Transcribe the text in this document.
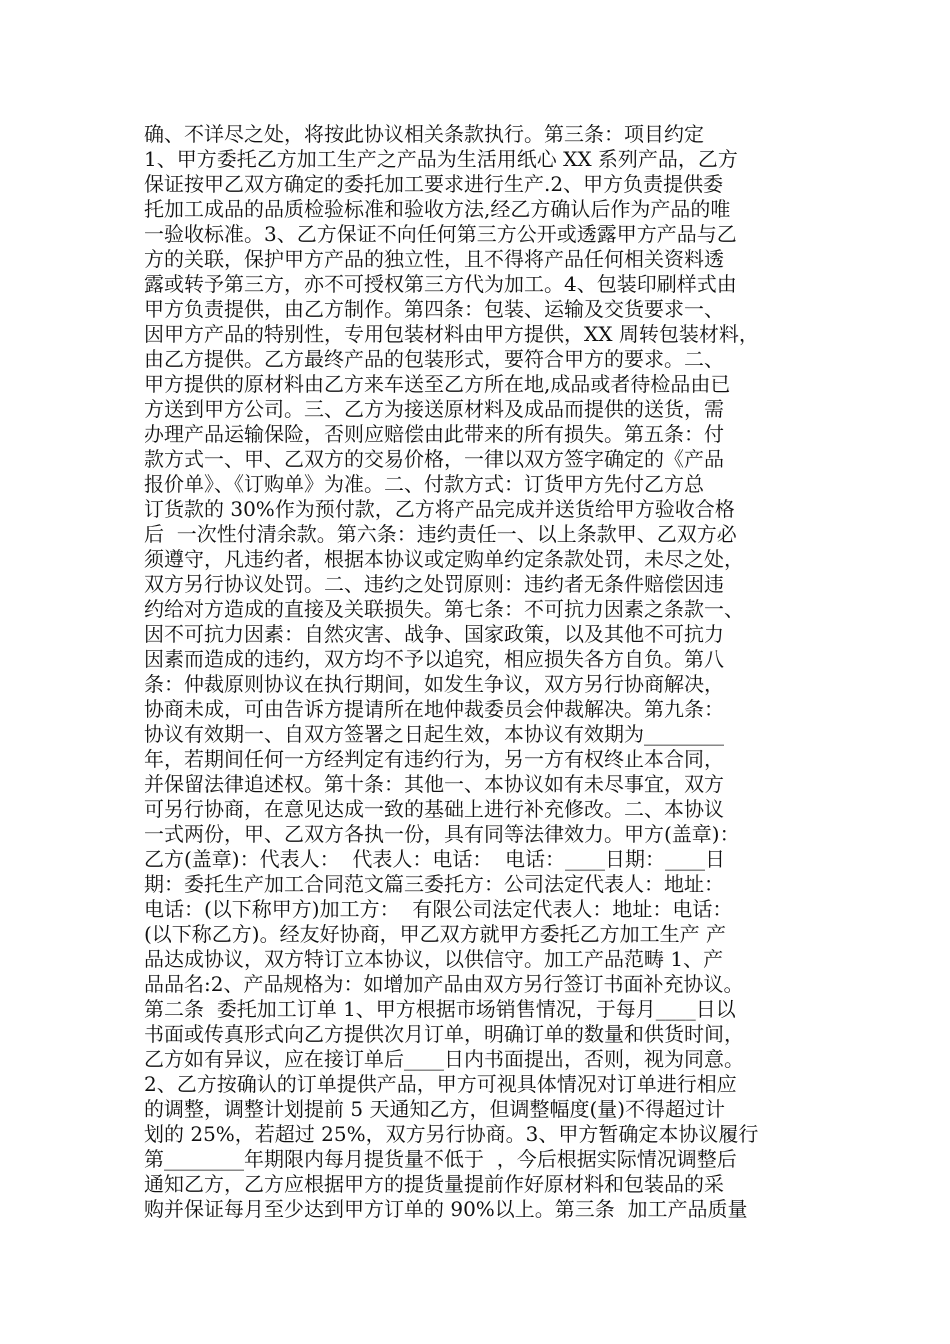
确、不详尽之处，将按此协议相关条款执行。第三条：项目约定
1、甲方委托乙方加工生产之产品为生活用纸心 XX 系列产品，乙方
保证按甲乙双方确定的委托加工要求进行生产.2、甲方负责提供委
托加工成品的品质检验标准和验收方法,经乙方确认后作为产品的唯
一验收标准。3、乙方保证不向任何第三方公开或透露甲方产品与乙
方的关联，保护甲方产品的独立性，且不得将产品任何相关资料透
露或转予第三方，亦不可授权第三方代为加工。4、包装印刷样式由
甲方负责提供，由乙方制作。第四条：包装、运输及交货要求一、
因甲方产品的特别性，专用包装材料由甲方提供，XX 周转包装材料，
由乙方提供。乙方最终产品的包装形式，要符合甲方的要求。二、
甲方提供的原材料由乙方来车送至乙方所在地,成品或者待检品由已
方送到甲方公司。三、乙方为接送原材料及成品而提供的送货，需
办理产品运输保险，否则应赔偿由此带来的所有损失。第五条：付
款方式一、甲、乙双方的交易价格，一律以双方签字确定的《产品
报价单》、《订购单》为准。二、付款方式：订货甲方先付乙方总
订货款的 30%作为预付款，乙方将产品完成并送货给甲方验收合格
后  一次性付清余款。第六条：违约责任一、以上条款甲、乙双方必
须遵守，凡违约者，根据本协议或定购单约定条款处罚，未尽之处，
双方另行协议处罚。二、违约之处罚原则：违约者无条件赔偿因违
约给对方造成的直接及关联损失。第七条：不可抗力因素之条款一、
因不可抗力因素：自然灾害、战争、国家政策，以及其他不可抗力
因素而造成的违约，双方均不予以追究，相应损失各方自负。第八
条：仲裁原则协议在执行期间，如发生争议，双方另行协商解决，
协商未成，可由告诉方提请所在地仲裁委员会仲裁解决。第九条：
协议有效期一、自双方签署之日起生效，本协议有效期为________
年，若期间任何一方经判定有违约行为，另一方有权终止本合同，
并保留法律追述权。第十条：其他一、本协议如有未尽事宜，双方
可另行协商，在意见达成一致的基础上进行补充修改。二、本协议
一式两份，甲、乙双方各执一份，具有同等法律效力。甲方(盖章)：
乙方(盖章)：代表人：  代表人：电话：  电话：____日期：____日
期：委托生产加工合同范文篇三委托方：公司法定代表人：地址：
电话：(以下称甲方)加工方：  有限公司法定代表人：地址：电话：
(以下称乙方)。经友好协商，甲乙双方就甲方委托乙方加工生产 产
品达成协议，双方特订立本协议，以供信守。加工产品范畴 1、产
品品名:2、产品规格为：如增加产品由双方另行签订书面补充协议。
第二条  委托加工订单 1、甲方根据市场销售情况，于每月____日以
书面或传真形式向乙方提供次月订单，明确订单的数量和供货时间，
乙方如有异议，应在接订单后____日内书面提出，否则，视为同意。
2、乙方按确认的订单提供产品，甲方可视具体情况对订单进行相应
的调整，调整计划提前 5 天通知乙方，但调整幅度(量)不得超过计
划的 25%，若超过 25%，双方另行协商。3、甲方暂确定本协议履行
第________年期限内每月提货量不低于  ，今后根据实际情况调整后
通知乙方，乙方应根据甲方的提货量提前作好原材料和包装品的采
购并保证每月至少达到甲方订单的 90%以上。第三条  加工产品质量
